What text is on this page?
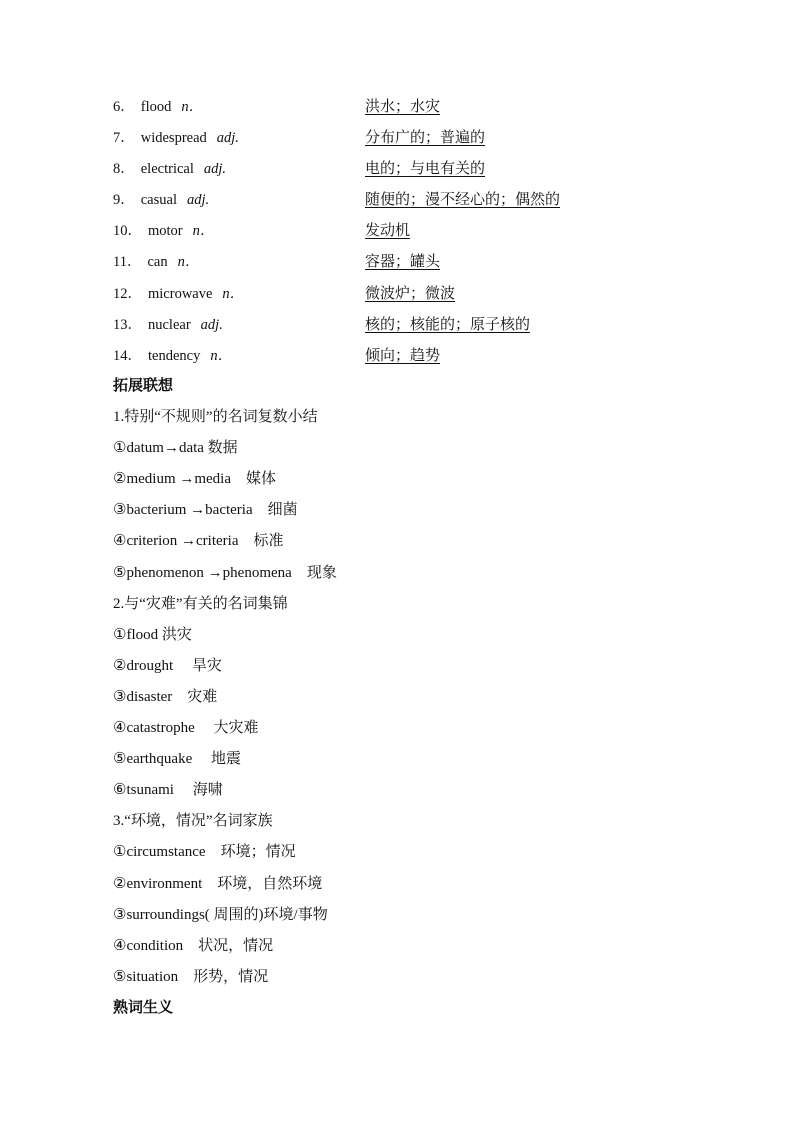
6． flood n．	洪水；水灾
7． widespread adj.	分布广的；普遍的
8． electrical adj.	电的；与电有关的
9． casual adj.	随便的；漫不经心的；偶然的
10． motor n．	发动机
11． can n．	容器；罐头
12． microwave n．	微波炉；微波
13． nuclear adj.	核的；核能的；原子核的
14． tendency n．	倾向；趋势
拓展联想
1.特别“不规则”的名词复数小结
①datum→data 数据
②medium →media　媒体
③bacterium →bacteria　细菌
④criterion →criteria　标准
⑤phenomenon →phenomena　现象
2.与“灾难”有关的名词集锦
①flood 洪灾
②drought　 旱灾
③disaster　灾难
④catastrophe　 大灾难
⑤earthquake　 地震
⑥tsunami　 海啸
3.“环境，情况”名词家族
①circumstance　环境；情况
②environment　环境，自然环境
③surroundings( 周围的)环境/事物
④condition　状况，情况
⑤situation　形势，情况
熟词生义
